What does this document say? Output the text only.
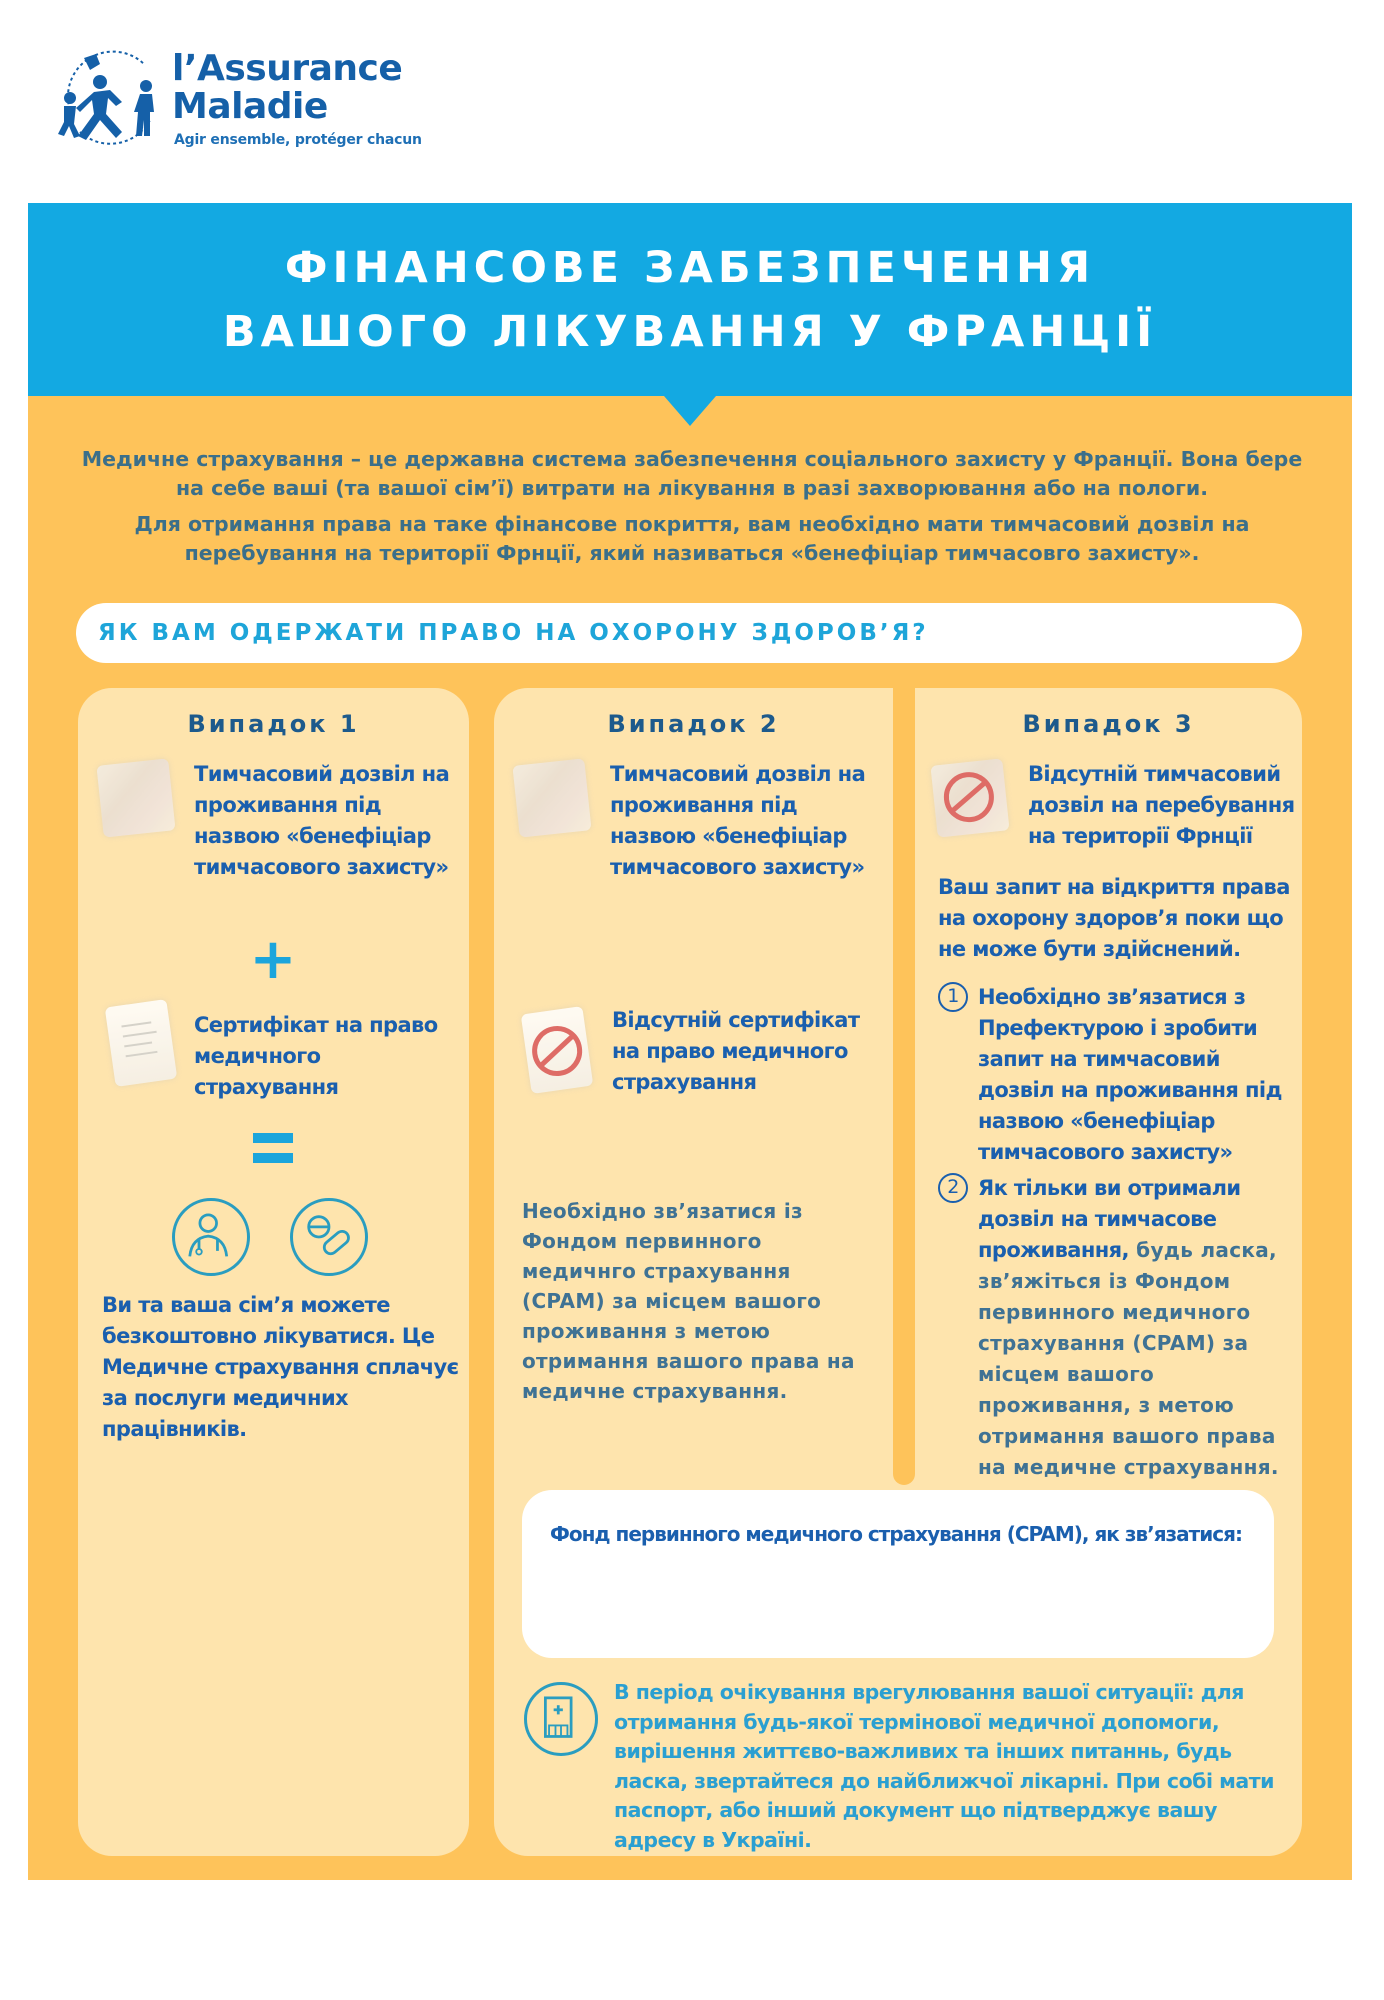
l’Assurance
Maladie
Agir ensemble, protéger chacun
ФІНАНСОВЕ ЗАБЕЗПЕЧЕННЯ
ВАШОГО ЛІКУВАННЯ У ФРАНЦІЇ

Медичне страхування – це державна система забезпечення соціального захисту у Франції. Вона бере на себе ваші (та вашої сім’ї) витрати на лікування в разі захворювання або на пологи.

Для отримання права на таке фінансове покриття, вам необхідно мати тимчасовий дозвіл на перебування на території Фрнції, який називаться «бенефіціар тимчасовго захисту».

ЯК ВАМ ОДЕРЖАТИ ПРАВО НА ОХОРОНУ ЗДОРОВ’Я?
Випадок 1
Тимчасовий дозвіл на проживання під назвою «бенефіціар тимчасового захисту»
+
Сертифікат на право медичного страхування
Ви та ваша сім’я можете безкоштовно лікуватися. Це Медичне страхування сплачує за послуги медичних працівників.
Випадок 2
Тимчасовий дозвіл на проживання під назвою «бенефіціар тимчасового захисту»
Відсутній сертифікат на право медичного страхування
Необхідно зв’язатися із Фондом первинного медичнго страхування (CPAM) за місцем вашого проживання з метою отримання вашого права на медичне страхування.
Випадок 3
Відсутній тимчасовий дозвіл на перебування на території Фрнції
Ваш запит на відкриття права на охорону здоров’я поки що не може бути здійснений.
1 Необхідно зв’язатися з Префектурою і зробити запит на тимчасовий дозвіл на проживання під назвою «бенефіціар тимчасового захисту»
2 Як тільки ви отримали дозвіл на тимчасове проживання, будь ласка, зв’яжіться із Фондом первинного медичного страхування (CPAM) за місцем вашого проживання, з метою отримання вашого права на медичне страхування.
Фонд первинного медичного страхування (CPAM), як зв’язатися:
В період очікування врегулювання вашої ситуації: для отримання будь-якої термінової медичної допомоги, вирішення життєво-важливих та інших питаннь, будь ласка, звертайтеся до найближчої лікарні. При собі мати паспорт, або інший документ що підтверджує вашу адресу в Україні.
